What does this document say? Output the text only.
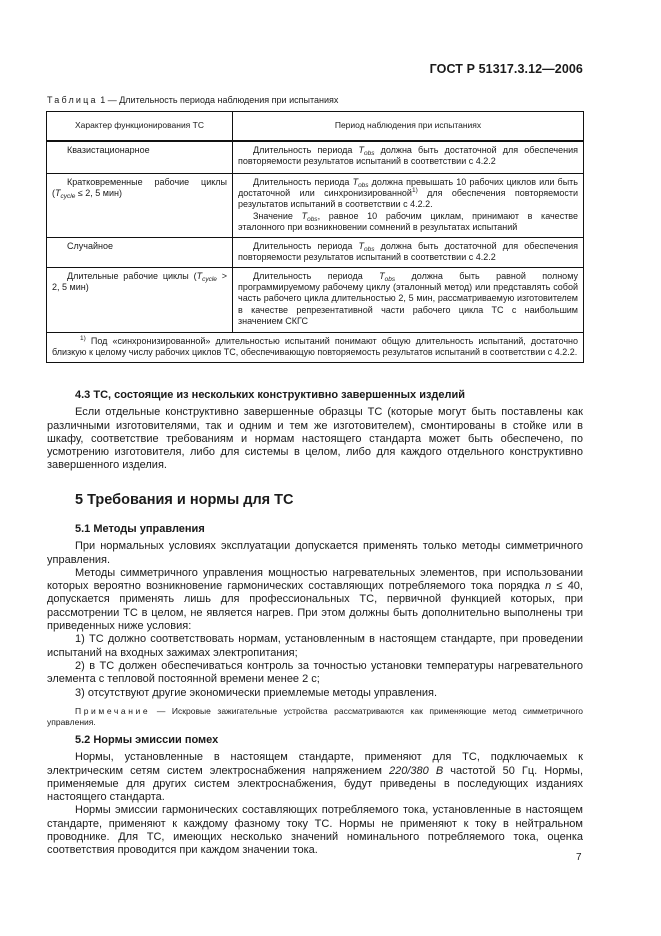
ГОСТ Р 51317.3.12—2006
Таблица 1 — Длительность периода наблюдения при испытаниях
Характер функционирования ТС	Период наблюдения при испытаниях

Квазистационарное	Длительность периода $T_{obs}$ должна быть достаточной для обеспечения повторяемости результатов испытаний в соответствии с 4.2.2

Кратковременные рабочие циклы ($T_{cycle} \le 2$, 5 мин)	Длительность периода $T_{obs}$ должна превышать 10 рабочих циклов или быть достаточной или синхронизированной$^{1)}$ для обеспечения повторяемости результатов испытаний в соответствии с 4.2.2.

Значение $T_{obs}$, равное 10 рабочим циклам, принимают в качестве эталонного при возникновении сомнений в результатах испытаний

Случайное	Длительность периода $T_{obs}$ должна быть достаточной для обеспечения повторяемости результатов испытаний в соответствии с 4.2.2

Длительные рабочие циклы ($T_{cycle} > 2$, 5 мин)	Длительность периода $T_{obs}$ должна быть равной полному программируемому рабочему циклу (эталонный метод) или представлять собой часть рабочего цикла длительностью 2, 5 мин, рассматриваемую изготовителем в качестве репрезентативной части рабочего цикла ТС с наибольшим значением СКГС

$^{1)}$ Под «синхронизированной» длительностью испытаний понимают общую длительность испытаний, достаточно близкую к целому числу рабочих циклов ТС, обеспечивающую повторяемость результатов испытаний в соответствии с 4.2.2.	

4.3 ТС, состоящие из нескольких конструктивно завершенных изделий

Если отдельные конструктивно завершенные образцы ТС (которые могут быть поставлены как различными изготовителями, так и одним и тем же изготовителем), смонтированы в стойке или в шкафу, соответствие требованиям и нормам настоящего стандарта может быть обеспечено, по усмотрению изготовителя, либо для системы в целом, либо для каждого отдельного конструктивно завершенного изделия.

5 Требования и нормы для ТС
5.1 Методы управления

При нормальных условиях эксплуатации допускается применять только методы симметричного управления.

Методы симметричного управления мощностью нагревательных элементов, при использовании которых вероятно возникновение гармонических составляющих потребляемого тока порядка n ≤ 40, допускается применять лишь для профессиональных ТС, первичной функцией которых, при рассмотрении ТС в целом, не является нагрев. При этом должны быть дополнительно выполнены три приведенных ниже условия:

1) ТС должно соответствовать нормам, установленным в настоящем стандарте, при проведении испытаний на входных зажимах электропитания;

2) в ТС должен обеспечиваться контроль за точностью установки температуры нагревательного элемента с тепловой постоянной времени менее 2 с;

3) отсутствуют другие экономически приемлемые методы управления.

Примечание — Искровые зажигательные устройства рассматриваются как применяющие метод симметричного управления.

5.2 Нормы эмиссии помех

Нормы, установленные в настоящем стандарте, применяют для ТС, подключаемых к электрическим сетям систем электроснабжения напряжением 220/380 В частотой 50 Гц. Нормы, применяемые для других систем электроснабжения, будут приведены в последующих изданиях настоящего стандарта.

Нормы эмиссии гармонических составляющих потребляемого тока, установленные в настоящем стандарте, применяют к каждому фазному току ТС. Нормы не применяют к току в нейтральном проводнике. Для ТС, имеющих несколько значений номинального потребляемого тока, оценка соответствия проводится при каждом значении тока.

7
